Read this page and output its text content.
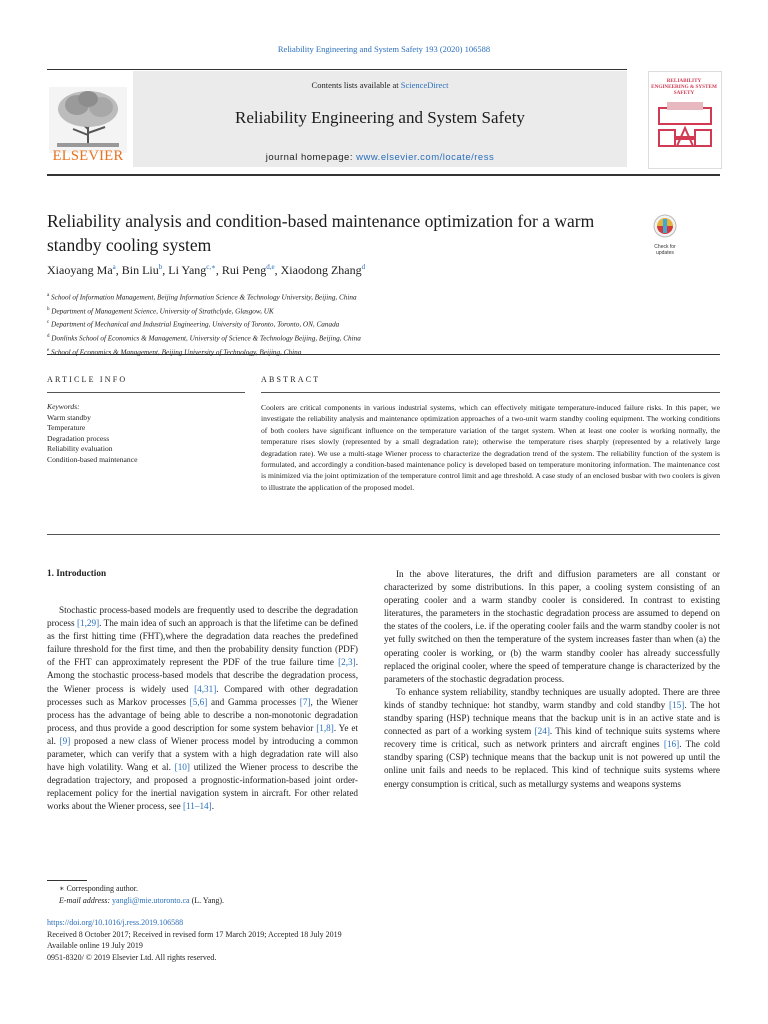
Reliability Engineering and System Safety 193 (2020) 106588
Contents lists available at ScienceDirect
Reliability Engineering and System Safety
journal homepage: www.elsevier.com/locate/ress
ELSEVIER
RELIABILITY ENGINEERING & SYSTEM SAFETY
Reliability analysis and condition-based maintenance optimization for a warm standby cooling system	Check for updates
Xiaoyang Ma$^a$, Bin Liu$^b$, Li Yang$^{c,∗}$, Rui Peng$^{d,e}$, Xiaodong Zhang$^d$
$^a$ School of Information Management, Beijing Information Science & Technology University, Beijing, China
$^b$ Department of Management Science, University of Strathclyde, Glasgow, UK
$^c$ Department of Mechanical and Industrial Engineering, University of Toronto, Toronto, ON, Canada
$^d$ Donlinks School of Economics & Management, University of Science & Technology Beijing, Beijing, China
$^e$ School of Economics & Management, Beijing University of Technology, Beijing, China
ARTICLE INFO	ABSTRACT
Keywords:
Warm standby
Temperature
Degradation process
Reliability evaluation
Condition-based maintenance
Coolers are critical components in various industrial systems, which can effectively mitigate temperature-induced failure risks. In this paper, we investigate the reliability analysis and maintenance optimization approaches of a two-unit warm standby cooling equipment. The working conditions of both coolers have significant influence on the temperature variation of the target system. When at least one cooler is working normally, the temperature rises slowly (represented by a small degradation rate); otherwise the temperature rises sharply (represented by a relatively large degradation rate). We use a multi-stage Wiener process to characterize the degradation trend of the system. The reliability function of the system is formulated, and accordingly a condition-based maintenance policy is developed based on temperature monitoring information. The maintenance cost is minimized via the joint optimization of the temperature control limit and age threshold. A case study of an enclosed busbar with two coolers is given to illustrate the application of the proposed model.
1. Introduction

Stochastic process-based models are frequently used to describe the degradation process [1,29]. The main idea of such an approach is that the lifetime can be defined as the first hitting time (FHT),where the degradation data reaches the predefined failure threshold for the first time, and then the probability density function (PDF) of the FHT can approximately represent the PDF of the true failure time [2,3]. Among the stochastic process-based models that describe the degradation process, the Wiener process is widely used [4,31]. Compared with other degradation processes such as Markov processes [5,6] and Gamma processes [7], the Wiener process has the advantage of being able to describe a non-monotonic degradation process, and thus provide a good description for some system behavior [1,8]. Ye et al. [9] proposed a new class of Wiener process model by introducing a common parameter, which can verify that a system with a high degradation rate will also have high volatility. Wang et al. [10] utilized the Wiener process to describe the degradation trajectory, and proposed a prognostic-information-based joint order-replacement policy for the inertial navigation system in aircraft. For other related works about the Wiener process, see [11–14].

In the above literatures, the drift and diffusion parameters are all constant or characterized by some distributions. In this paper, a cooling system consisting of an operating cooler and a warm standby cooler is considered. In contrast to existing literatures, the parameters in the stochastic degradation process are assumed to depend on the states of the coolers, i.e. if the operating cooler fails and the warm standby cooler is not yet fully switched on then the temperature of the system increases faster than when (a) the operating cooler is working, or (b) the warm standby cooler has already successfully replaced the original cooler, where the speed of temperature change is characterized by the parameters of the stochastic degradation process.

To enhance system reliability, standby techniques are usually adopted. There are three kinds of standby technique: hot standby, warm standby and cold standby [15]. The hot standby sparing (HSP) technique means that the backup unit is in an active state and is connected as part of a working system [24]. This kind of technique suits systems where recovery time is critical, such as network printers and aircraft engines [16]. The cold standby sparing (CSP) technique means that the backup unit is not powered up until the online unit fails and needs to be replaced. This kind of technique suits systems where energy consumption is critical, such as metallurgy systems and weapons systems

∗ Corresponding author.
E-mail address: yangli@mie.utoronto.ca (L. Yang).
https://doi.org/10.1016/j.ress.2019.106588
Received 8 October 2017; Received in revised form 17 March 2019; Accepted 18 July 2019
Available online 19 July 2019
0951-8320/ © 2019 Elsevier Ltd. All rights reserved.
